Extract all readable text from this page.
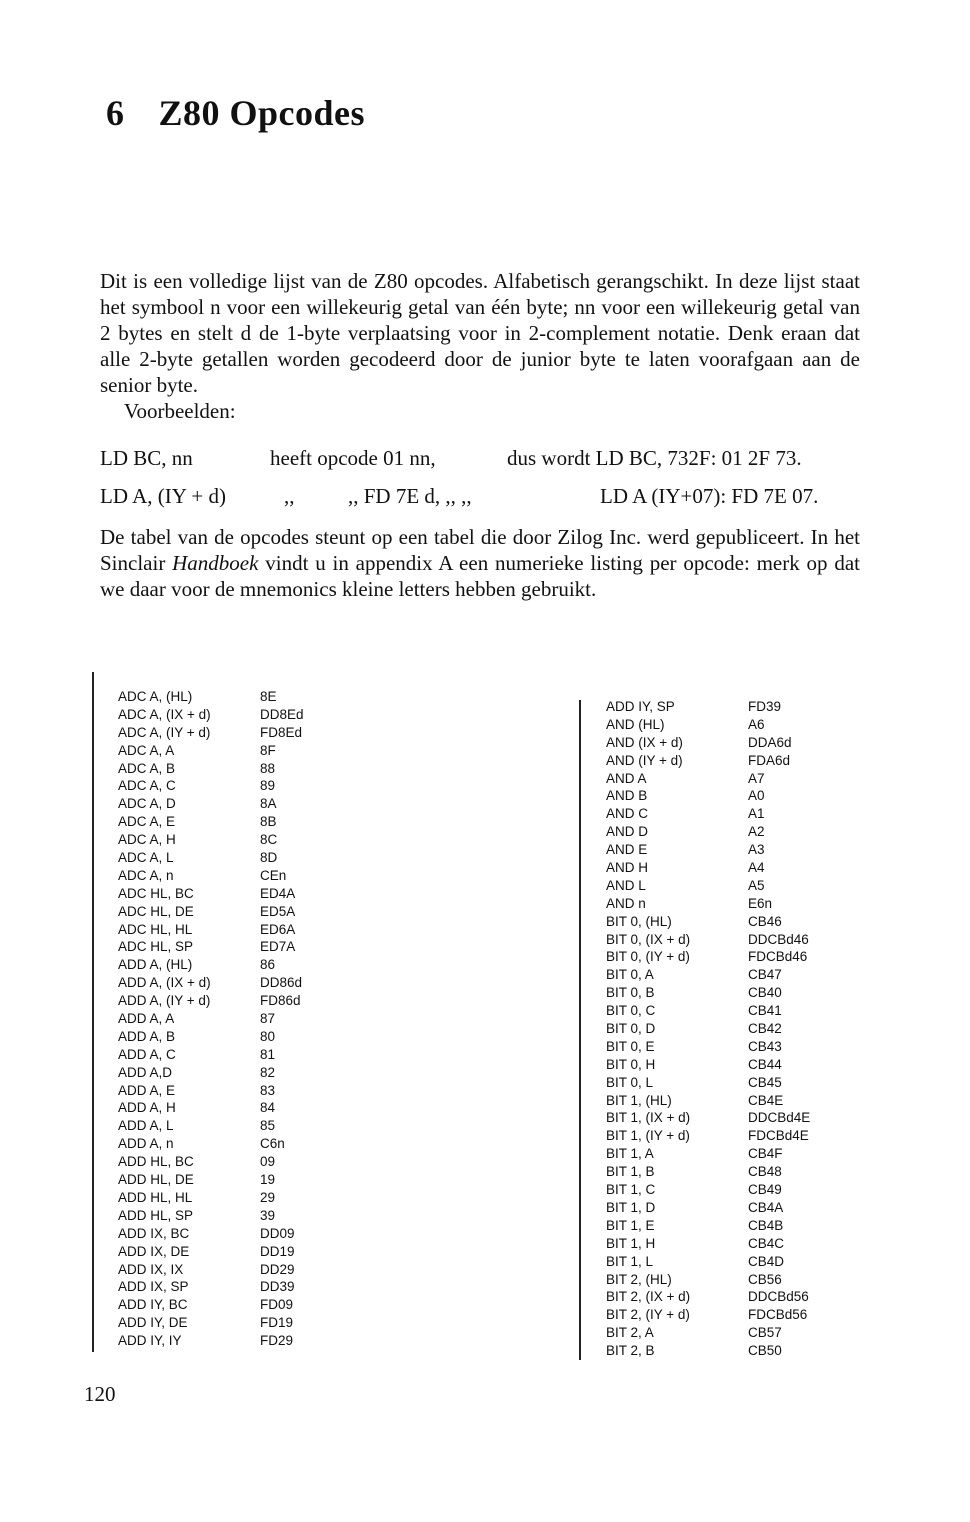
6 Z80 Opcodes

Dit is een volledige lijst van de Z80 opcodes. Alfabetisch gerangschikt. In deze lijst staat het symbool n voor een willekeurig getal van één byte; nn voor een willekeurig getal van 2 bytes en stelt d de 1-byte verplaatsing voor in 2-complement notatie. Denk eraan dat alle 2-byte getallen worden gecodeerd door de junior byte te laten voorafgaan aan de senior byte.

Voorbeelden:

LD BC, nn	heeft opcode 01 nn,	dus wordt LD BC, 732F: 01 2F 73.
LD A, (IY + d)	,,	,, FD 7E d, ,, ,,	LD A (IY+07): FD 7E 07.

De tabel van de opcodes steunt op een tabel die door Zilog Inc. werd gepubliceert. In het Sinclair Handboek vindt u in appendix A een numerieke listing per opcode: merk op dat we daar voor de mnemonics kleine letters hebben gebruikt.

ADC A, (HL)	8E
ADC A, (IX + d)	DD8Ed
ADC A, (IY + d)	FD8Ed
ADC A, A	8F
ADC A, B	88
ADC A, C	89
ADC A, D	8A
ADC A, E	8B
ADC A, H	8C
ADC A, L	8D
ADC A, n	CEn
ADC HL, BC	ED4A
ADC HL, DE	ED5A
ADC HL, HL	ED6A
ADC HL, SP	ED7A
ADD A, (HL)	86
ADD A, (IX + d)	DD86d
ADD A, (IY + d)	FD86d
ADD A, A	87
ADD A, B	80
ADD A, C	81
ADD A,D	82
ADD A, E	83
ADD A, H	84
ADD A, L	85
ADD A, n	C6n
ADD HL, BC	09
ADD HL, DE	19
ADD HL, HL	29
ADD HL, SP	39
ADD IX, BC	DD09
ADD IX, DE	DD19
ADD IX, IX	DD29
ADD IX, SP	DD39
ADD IY, BC	FD09
ADD IY, DE	FD19
ADD IY, IY	FD29
ADD IY, SP	FD39
AND (HL)	A6
AND (IX + d)	DDA6d
AND (IY + d)	FDA6d
AND A	A7
AND B	A0
AND C	A1
AND D	A2
AND E	A3
AND H	A4
AND L	A5
AND n	E6n
BIT 0, (HL)	CB46
BIT 0, (IX + d)	DDCBd46
BIT 0, (IY + d)	FDCBd46
BIT 0, A	CB47
BIT 0, B	CB40
BIT 0, C	CB41
BIT 0, D	CB42
BIT 0, E	CB43
BIT 0, H	CB44
BIT 0, L	CB45
BIT 1, (HL)	CB4E
BIT 1, (IX + d)	DDCBd4E
BIT 1, (IY + d)	FDCBd4E
BIT 1, A	CB4F
BIT 1, B	CB48
BIT 1, C	CB49
BIT 1, D	CB4A
BIT 1, E	CB4B
BIT 1, H	CB4C
BIT 1, L	CB4D
BIT 2, (HL)	CB56
BIT 2, (IX + d)	DDCBd56
BIT 2, (IY + d)	FDCBd56
BIT 2, A	CB57
BIT 2, B	CB50

120
